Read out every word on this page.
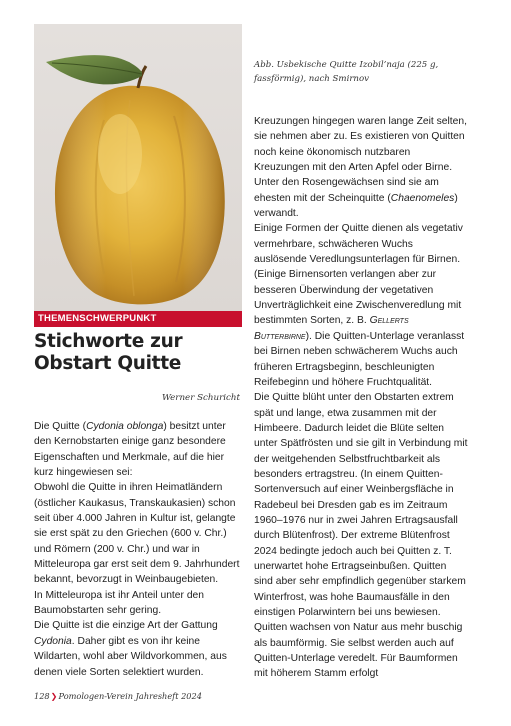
THEMENSCHWERPUNKT
Stichworte zur Obstart Quitte
Werner Schuricht
Abb. Usbekische Quitte Izobil’naja (225 g, fassförmig), nach Smirnov

Die Quitte (Cydonia oblonga) besitzt unter den Kernobstarten einige ganz besondere Eigenschaften und Merkmale, auf die hier kurz hingewiesen sei:

Obwohl die Quitte in ihren Heimatländern (östlicher Kaukasus, Transkaukasien) schon seit über 4.000 Jahren in Kultur ist, gelangte sie erst spät zu den Griechen (600 v. Chr.) und Römern (200 v. Chr.) und war in Mitteleuropa gar erst seit dem 9. Jahrhundert bekannt, bevorzugt in Weinbaugebieten.

In Mitteleuropa ist ihr Anteil unter den Baumobstarten sehr gering.

Die Quitte ist die einzige Art der Gattung Cydonia. Daher gibt es von ihr keine Wildarten, wohl aber Wildvorkommen, aus denen viele Sorten selektiert wurden.

Kreuzungen hingegen waren lange Zeit selten, sie nehmen aber zu. Es existieren von Quitten noch keine ökonomisch nutzbaren Kreuzungen mit den Arten Apfel oder Birne. Unter den Rosengewächsen sind sie am ehesten mit der Scheinquitte (Chaenomeles) verwandt.

Einige Formen der Quitte dienen als vegetativ vermehrbare, schwächeren Wuchs auslösende Veredlungsunterlagen für Birnen. (Einige Birnensorten verlangen aber zur besseren Überwindung der vegetativen Unverträglichkeit eine Zwischenveredlung mit bestimmten Sorten, z. B. Gellerts Butterbirne). Die Quitten-Unterlage veranlasst bei Birnen neben schwächerem Wuchs auch früheren Ertragsbeginn, beschleunigten Reifebeginn und höhere Fruchtqualität.

Die Quitte blüht unter den Obstarten extrem spät und lange, etwa zusammen mit der Himbeere. Dadurch leidet die Blüte selten unter Spätfrösten und sie gilt in Verbindung mit der weitgehenden Selbstfruchtbarkeit als besonders ertragstreu. (In einem Quitten-Sortenversuch auf einer Weinbergsfläche in Radebeul bei Dresden gab es im Zeitraum 1960–1976 nur in zwei Jahren Ertragsausfall durch Blütenfrost). Der extreme Blütenfrost 2024 bedingte jedoch auch bei Quitten z. T. unerwartet hohe Ertragseinbußen. Quitten sind aber sehr empfindlich gegenüber starkem Winterfrost, was hohe Baumausfälle in den einstigen Polarwintern bei uns bewiesen.

Quitten wachsen von Natur aus mehr buschig als baumförmig. Sie selbst werden auch auf Quitten-Unterlage veredelt. Für Baumformen mit höherem Stamm erfolgt

128❯Pomologen-Verein Jahresheft 2024
